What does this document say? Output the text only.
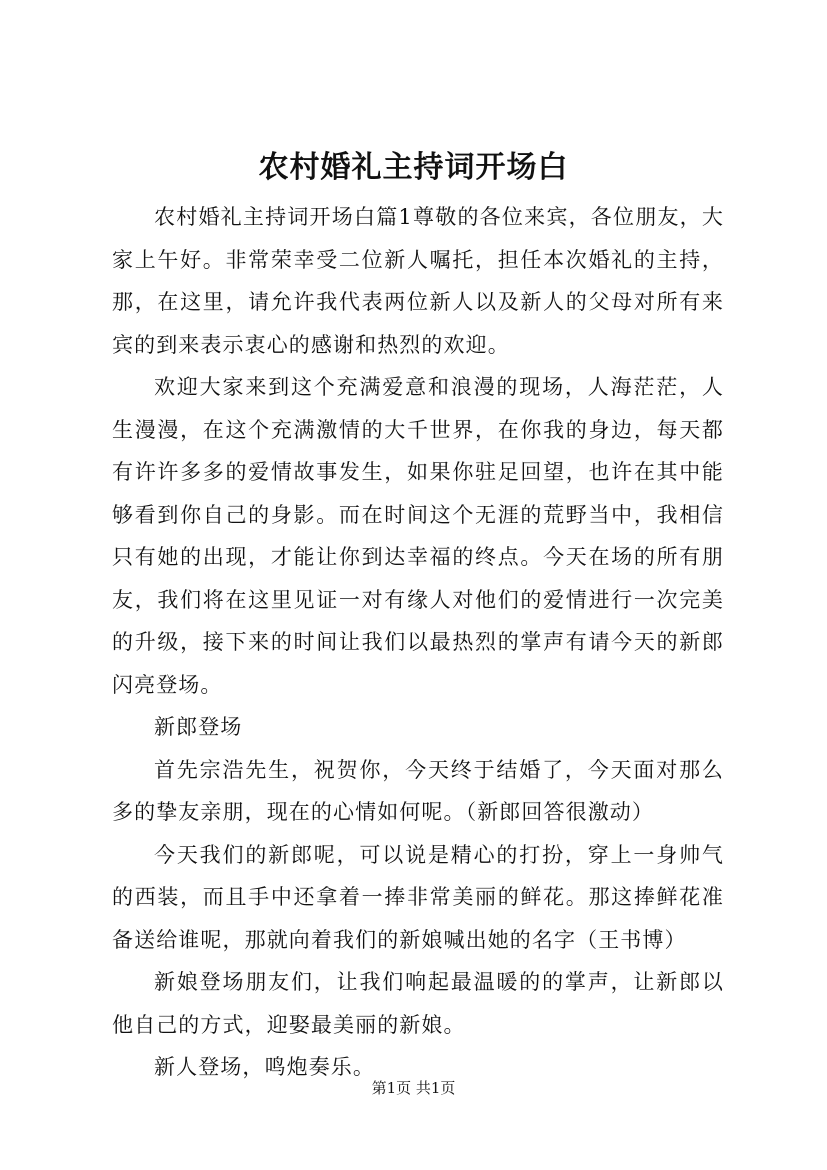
农村婚礼主持词开场白

农村婚礼主持词开场白篇1尊敬的各位来宾，各位朋友，大家上午好。非常荣幸受二位新人嘱托，担任本次婚礼的主持，那，在这里，请允许我代表两位新人以及新人的父母对所有来宾的到来表示衷心的感谢和热烈的欢迎。

欢迎大家来到这个充满爱意和浪漫的现场，人海茫茫，人生漫漫，在这个充满激情的大千世界，在你我的身边，每天都有许许多多的爱情故事发生，如果你驻足回望，也许在其中能够看到你自己的身影。而在时间这个无涯的荒野当中，我相信只有她的出现，才能让你到达幸福的终点。今天在场的所有朋友，我们将在这里见证一对有缘人对他们的爱情进行一次完美的升级，接下来的时间让我们以最热烈的掌声有请今天的新郎闪亮登场。

新郎登场

首先宗浩先生，祝贺你，今天终于结婚了，今天面对那么多的挚友亲朋，现在的心情如何呢。（新郎回答很激动）

今天我们的新郎呢，可以说是精心的打扮，穿上一身帅气的西装，而且手中还拿着一捧非常美丽的鲜花。那这捧鲜花准备送给谁呢，那就向着我们的新娘喊出她的名字（王书博）

新娘登场朋友们，让我们响起最温暖的的掌声，让新郎以他自己的方式，迎娶最美丽的新娘。

新人登场，鸣炮奏乐。

第1页 共1页
